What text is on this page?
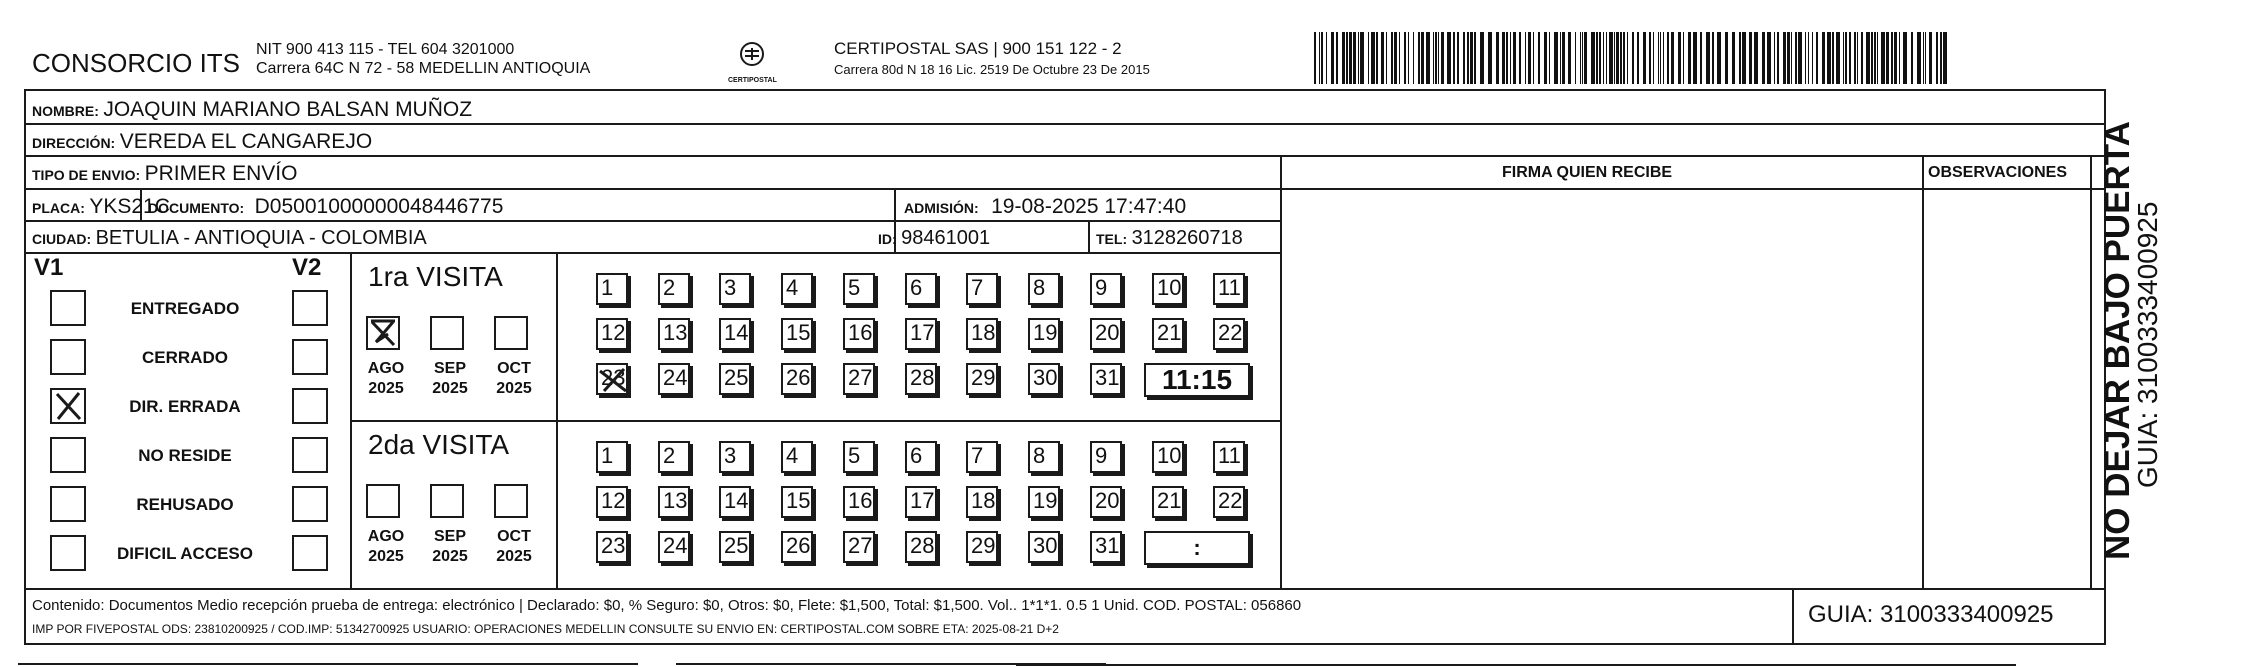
CONSORCIO ITS NIT 900 413 115 - TEL 604 3201000
Carrera 64C N 72 - 58 MEDELLIN ANTIOQUIA
CERTIPOSTAL
CERTIPOSTAL SAS | 900 151 122 - 2
Carrera 80d N 18 16 Lic. 2519 De Octubre 23 De 2015
NOMBRE: JOAQUIN MARIANO BALSAN MUÑOZ
DIRECCIÓN: VEREDA EL CANGAREJO
TIPO DE ENVIO: PRIMER ENVÍO	FIRMA QUIEN RECIBE	OBSERVACIONES
PLACA: YKS21C
DOCUMENTO: D05001000000048446775	ADMISIÓN: 19-08-2025 17:47:40
CIUDAD: BETULIA - ANTIOQUIA - COLOMBIA	ID: 98461001	TEL: 3128260718
V1	V2
ENTREGADO
CERRADO
DIR. ERRADA
NO RESIDE
REHUSADO
DIFICIL ACCESO
1ra VISITA
AGO
2025
SEP
2025
OCT
2025
1 2 3 4 5 6 7 8 9 10 11
12 13 14 15 16 17 18 19 20 21 22
23 24 25 26 27 28 29 30 31 11:15
2da VISITA
AGO
2025
SEP
2025
OCT
2025
1 2 3 4 5 6 7 8 9 10 11
12 13 14 15 16 17 18 19 20 21 22
23 24 25 26 27 28 29 30 31	:
Contenido: Documentos Medio recepción prueba de entrega: electrónico | Declarado: $0, % Seguro: $0, Otros: $0, Flete: $1,500, Total: $1,500. Vol.. 1*1*1. 0.5 1 Unid. COD. POSTAL: 056860
IMP POR FIVEPOSTAL ODS: 23810200925 / COD.IMP: 51342700925 USUARIO: OPERACIONES MEDELLIN CONSULTE SU ENVIO EN: CERTIPOSTAL.COM SOBRE ETA: 2025-08-21 D+2
GUIA: 3100333400925
NO DEJAR BAJO PUERTA
GUIA: 3100333400925
